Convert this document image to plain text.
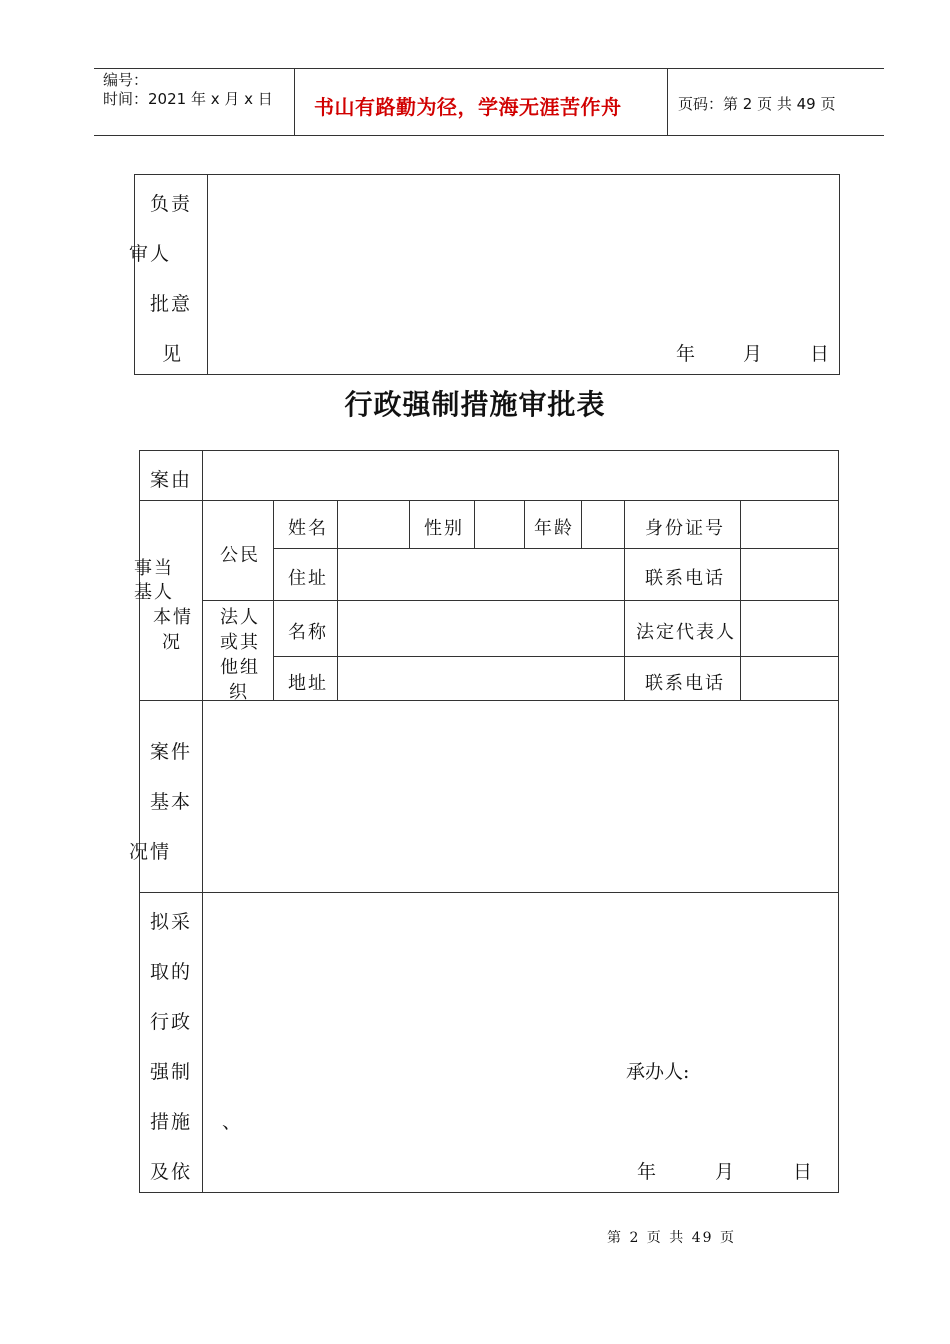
编号：
时间：2021 年 x 月 x 日 书山有路勤为径，学海无涯苦作舟	页码：第 2 页 共 49 页
负责
审人
批意
见	年 月 日
行政强制措施审批表
案由
事当
基人
本情
况
公民
姓名	性别	年龄	身份证号
住址	联系电话
法人
或其
他组
织
名称	法定代表人
地址	联系电话
案件
基本
况情
拟采
取的
行政
强制
措施
及依
承办人:
、
年	月	日
第 2 页 共 49 页
